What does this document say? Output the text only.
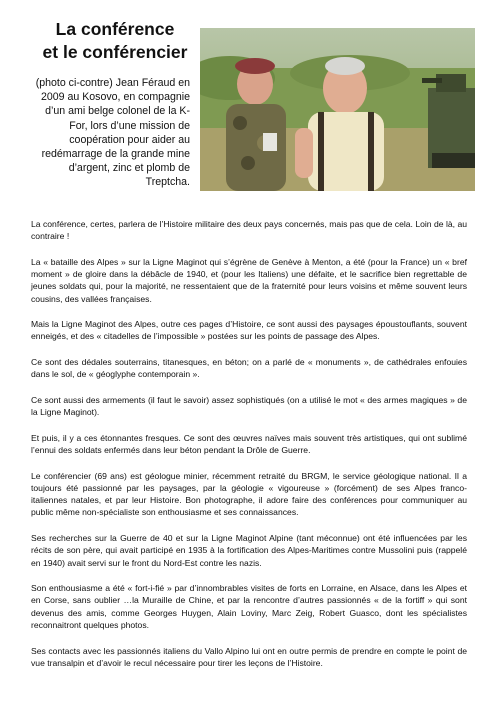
La conférence
et le conférencier
(photo ci-contre) Jean Féraud en 2009 au Kosovo, en compagnie d’un ami belge colonel de la K-For, lors d’une mission de coopération pour aider au redémarrage de la grande mine d’argent, zinc et plomb de Treptcha.

La conférence, certes, parlera de l’Histoire militaire des deux pays concernés, mais pas que de cela. Loin de là, au contraire !

La « bataille des Alpes » sur la Ligne Maginot qui s’égrène de Genève à Menton, a été (pour la France) un « bref moment » de gloire dans la débâcle de 1940, et (pour les Italiens) une défaite, et le sacrifice bien regrettable de jeunes soldats qui, pour la majorité, ne ressentaient que de la fraternité pour leurs voisins et même souvent leurs cousins, des vallées françaises.

Mais la Ligne Maginot des Alpes, outre ces pages d’Histoire, ce sont aussi des paysages époustouflants, souvent enneigés, et des « citadelles de l’impossible » postées sur les points de passage des Alpes.

Ce sont des dédales souterrains, titanesques, en béton; on a parlé de « monuments », de cathédrales enfouies dans le sol, de « géoglyphe contemporain ».

Ce sont aussi des armements (il faut le savoir) assez sophistiqués (on a utilisé le mot « des armes magiques » de la Ligne Maginot).

Et puis, il y a ces étonnantes fresques. Ce sont des œuvres naïves mais souvent très artistiques, qui ont sublimé l’ennui des soldats enfermés dans leur béton pendant la Drôle de Guerre.

Le conférencier (69 ans) est géologue minier, récemment retraité du BRGM, le service géologique national. Il a toujours été passionné par les paysages, par la géologie « vigoureuse » (forcément) de ses Alpes franco-italiennes natales, et par leur Histoire. Bon photographe, il adore faire des conférences pour communiquer au public même non-spécialiste son enthousiasme et ses connaissances.

Ses recherches sur la Guerre de 40 et sur la Ligne Maginot Alpine (tant méconnue) ont été influencées par les récits de son père, qui avait participé en 1935 à la fortification des Alpes-Maritimes contre Mussolini puis (rappelé en 1940) avait servi sur le front du Nord-Est contre les nazis.

Son enthousiasme a été « fort-i-fié » par d’innombrables visites de forts en Lorraine, en Alsace, dans les Alpes et en Corse, sans oublier …la Muraille de Chine, et par la rencontre d’autres passionnés « de la fortiff » qui sont devenus des amis, comme Georges Huygen, Alain Loviny, Marc Zeig, Robert Guasco, dont les spécialistes reconnaitront quelques photos.

Ses contacts avec les passionnés italiens du Vallo Alpino lui ont en outre permis de prendre en compte le point de vue transalpin et d’avoir le recul nécessaire pour tirer les leçons de l’Histoire.
